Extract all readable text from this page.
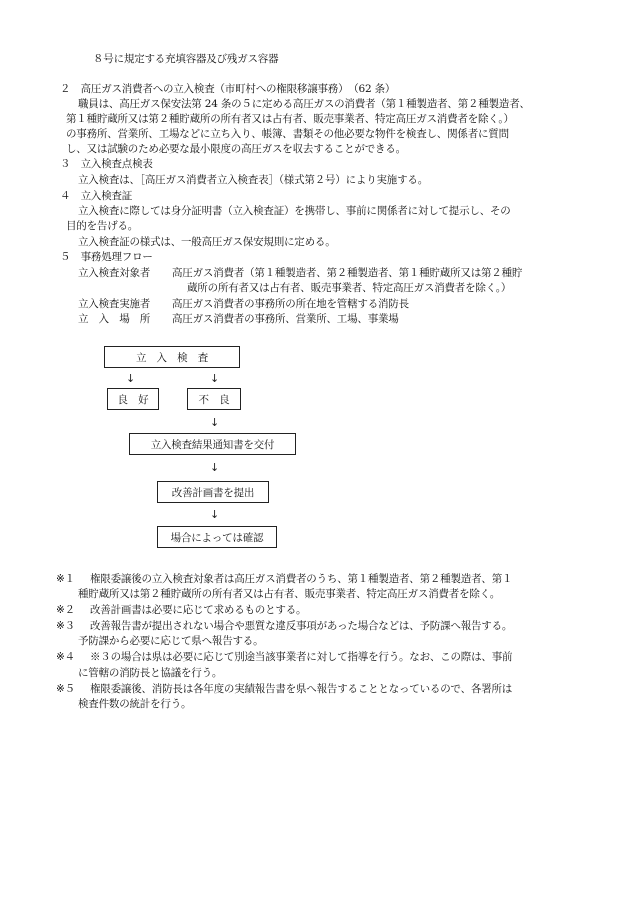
８号に規定する充填容器及び残ガス容器
２　高圧ガス消費者への立入検査（市町村への権限移譲事務）　（62 条）
職員は、高圧ガス保安法第 24 条の５に定める高圧ガスの消費者（第１種製造者、第２種製造者、
第１種貯蔵所又は第２種貯蔵所の所有者又は占有者、販売事業者、特定高圧ガス消費者を除く。）
の事務所、営業所、工場などに立ち入り、帳簿、書類その他必要な物件を検査し、関係者に質問
し、又は試験のため必要な最小限度の高圧ガスを収去することができる。
３　立入検査点検表
立入検査は、［高圧ガス消費者立入検査表］（様式第２号）により実施する。
４　立入検査証
立入検査に際しては身分証明書（立入検査証）を携帯し、事前に関係者に対して提示し、その
目的を告げる。
立入検査証の様式は、一般高圧ガス保安規則に定める。
５　事務処理フロー
立入検査対象者 高圧ガス消費者（第１種製造者、第２種製造者、第１種貯蔵所又は第２種貯
蔵所の所有者又は占有者、販売事業者、特定高圧ガス消費者を除く。）
立入検査実施者 高圧ガス消費者の事務所の所在地を管轄する消防長
立　入　場　所 高圧ガス消費者の事務所、営業所、工場、事業場
立　入　検　査
↓	↓
良　好	不　良
↓
立入検査結果通知書を交付
↓
改善計画書を提出
↓
場合によっては確認
※１ 権限委譲後の立入検査対象者は高圧ガス消費者のうち、第１種製造者、第２種製造者、第１
種貯蔵所又は第２種貯蔵所の所有者又は占有者、販売事業者、特定高圧ガス消費者を除く。
※２ 改善計画書は必要に応じて求めるものとする。
※３ 改善報告書が提出されない場合や悪質な違反事項があった場合などは、予防課へ報告する。
予防課から必要に応じて県へ報告する。
※４ ※３の場合は県は必要に応じて別途当該事業者に対して指導を行う。なお、この際は、事前
に管轄の消防長と協議を行う。
※５ 権限委譲後、消防長は各年度の実績報告書を県へ報告することとなっているので、各署所は
検査件数の統計を行う。
